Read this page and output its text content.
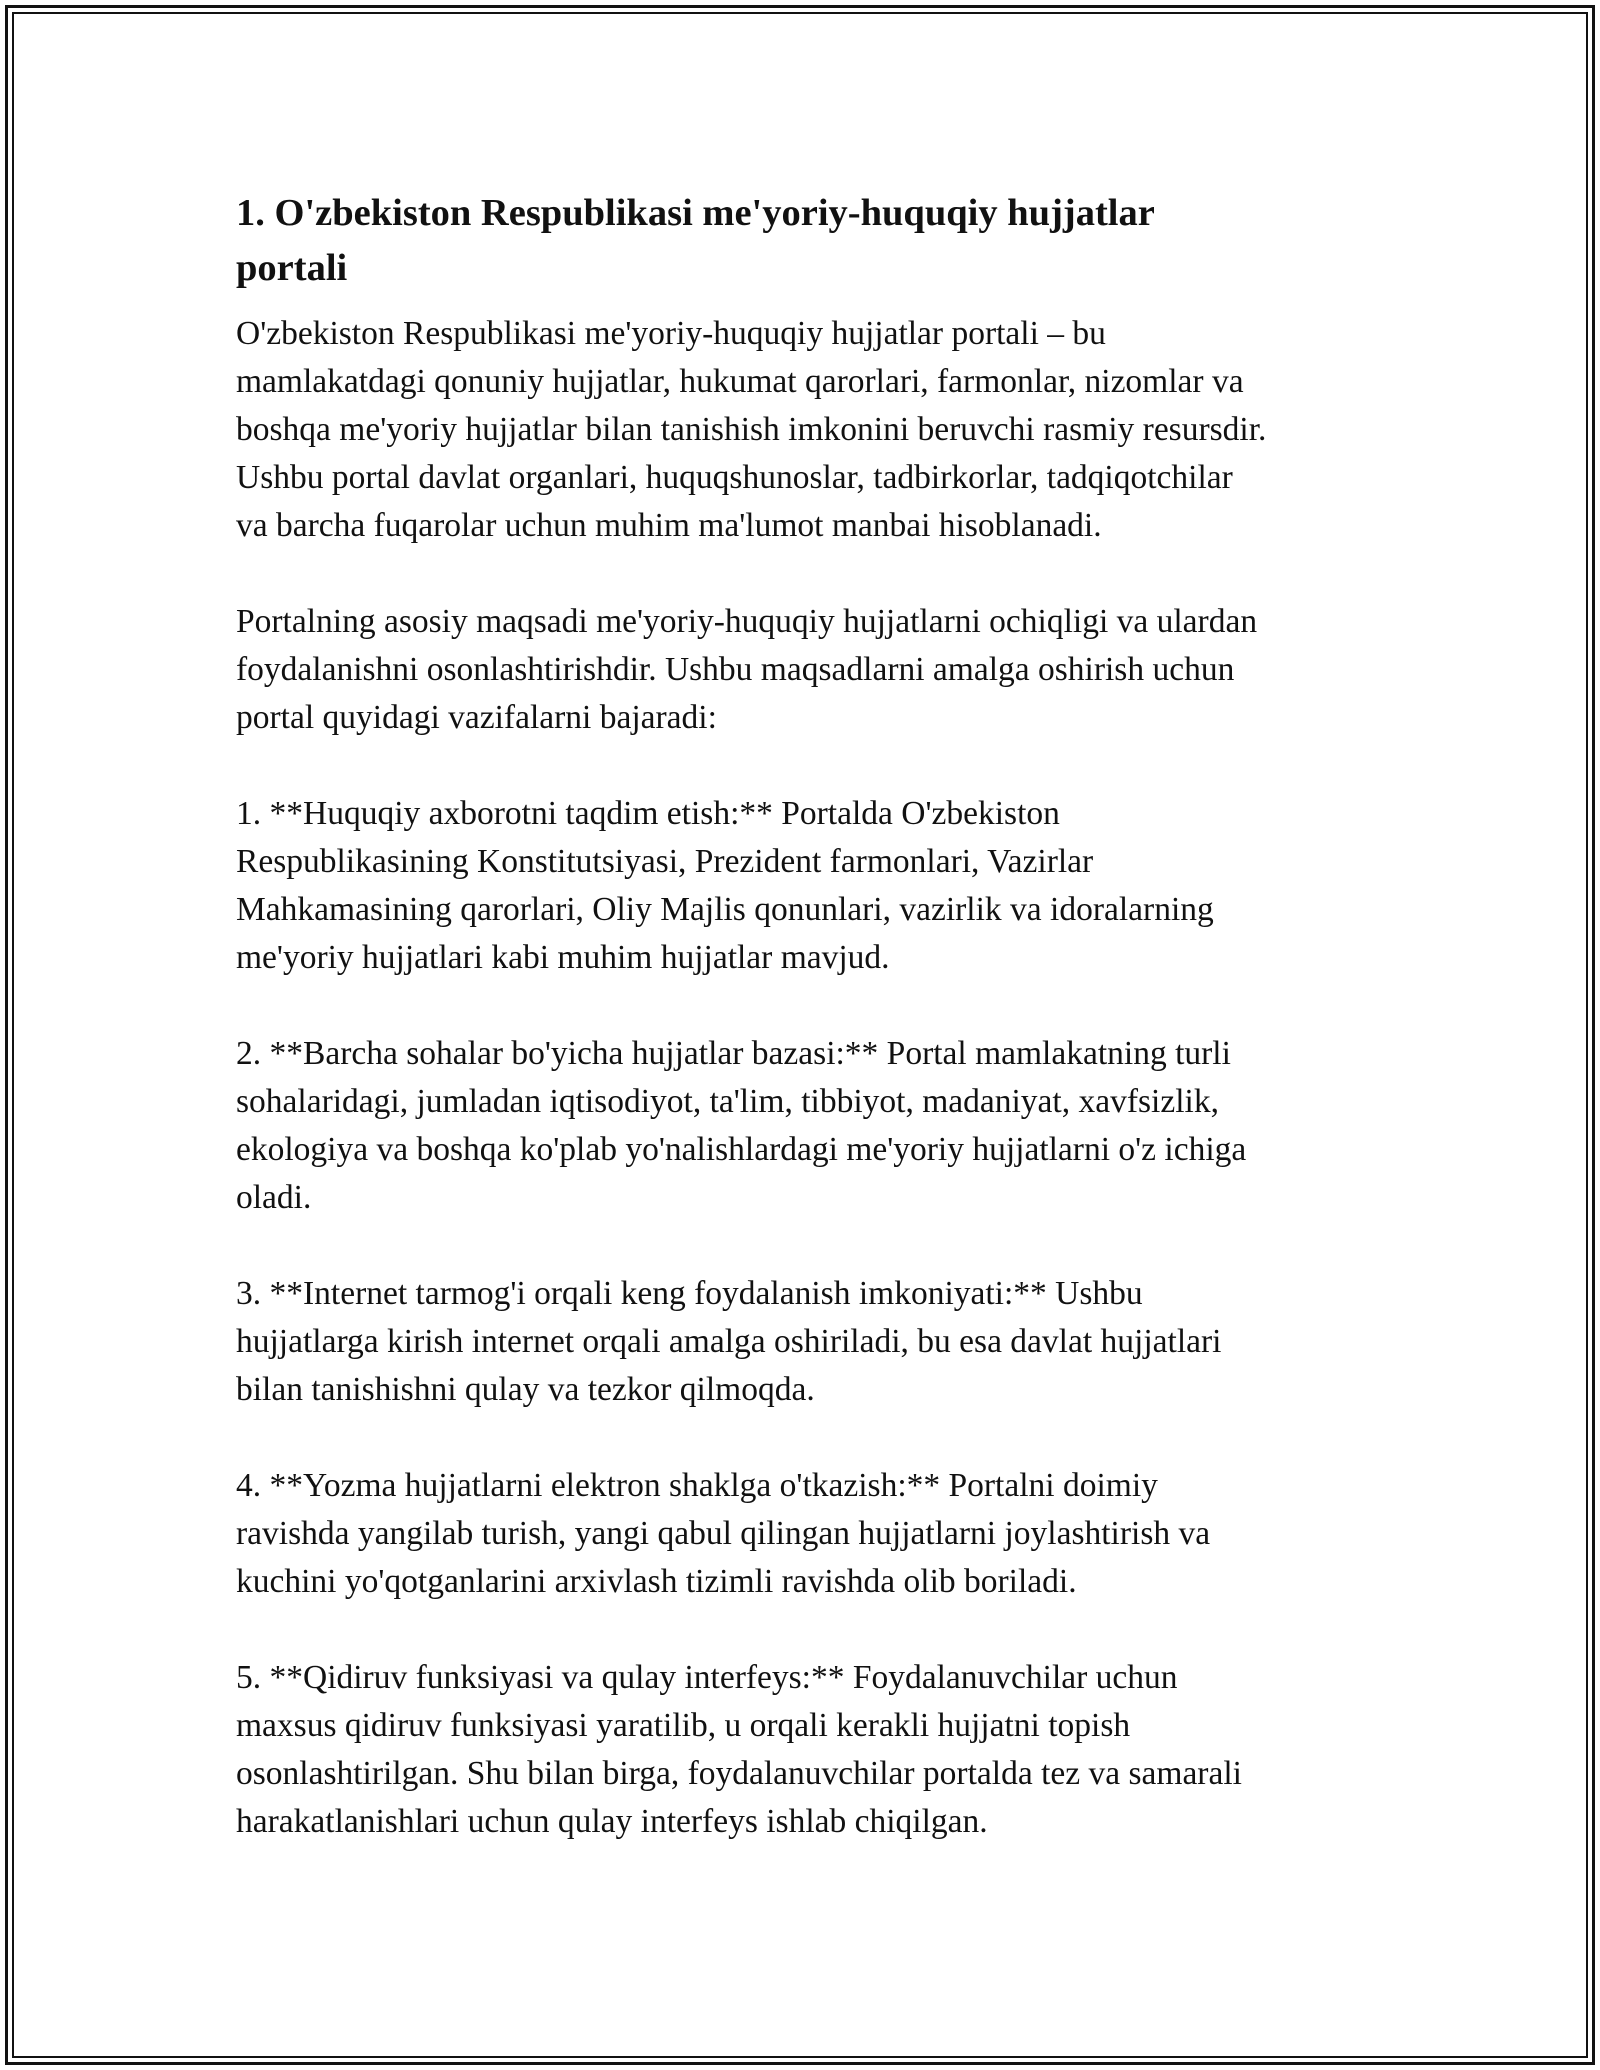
1. O'zbekiston Respublikasi me'yoriy-huquqiy hujjatlar portali

O'zbekiston Respublikasi me'yoriy-huquqiy hujjatlar portali – bu
mamlakatdagi qonuniy hujjatlar, hukumat qarorlari, farmonlar, nizomlar va
boshqa me'yoriy hujjatlar bilan tanishish imkonini beruvchi rasmiy resursdir.
Ushbu portal davlat organlari, huquqshunoslar, tadbirkorlar, tadqiqotchilar
va barcha fuqarolar uchun muhim ma'lumot manbai hisoblanadi.

Portalning asosiy maqsadi me'yoriy-huquqiy hujjatlarni ochiqligi va ulardan
foydalanishni osonlashtirishdir. Ushbu maqsadlarni amalga oshirish uchun
portal quyidagi vazifalarni bajaradi:

1. **Huquqiy axborotni taqdim etish:** Portalda O'zbekiston
Respublikasining Konstitutsiyasi, Prezident farmonlari, Vazirlar
Mahkamasining qarorlari, Oliy Majlis qonunlari, vazirlik va idoralarning
me'yoriy hujjatlari kabi muhim hujjatlar mavjud.

2. **Barcha sohalar bo'yicha hujjatlar bazasi:** Portal mamlakatning turli
sohalaridagi, jumladan iqtisodiyot, ta'lim, tibbiyot, madaniyat, xavfsizlik,
ekologiya va boshqa ko'plab yo'nalishlardagi me'yoriy hujjatlarni o'z ichiga
oladi.

3. **Internet tarmog'i orqali keng foydalanish imkoniyati:** Ushbu
hujjatlarga kirish internet orqali amalga oshiriladi, bu esa davlat hujjatlari
bilan tanishishni qulay va tezkor qilmoqda.

4. **Yozma hujjatlarni elektron shaklga o'tkazish:** Portalni doimiy
ravishda yangilab turish, yangi qabul qilingan hujjatlarni joylashtirish va
kuchini yo'qotganlarini arxivlash tizimli ravishda olib boriladi.

5. **Qidiruv funksiyasi va qulay interfeys:** Foydalanuvchilar uchun
maxsus qidiruv funksiyasi yaratilib, u orqali kerakli hujjatni topish
osonlashtirilgan. Shu bilan birga, foydalanuvchilar portalda tez va samarali
harakatlanishlari uchun qulay interfeys ishlab chiqilgan.
